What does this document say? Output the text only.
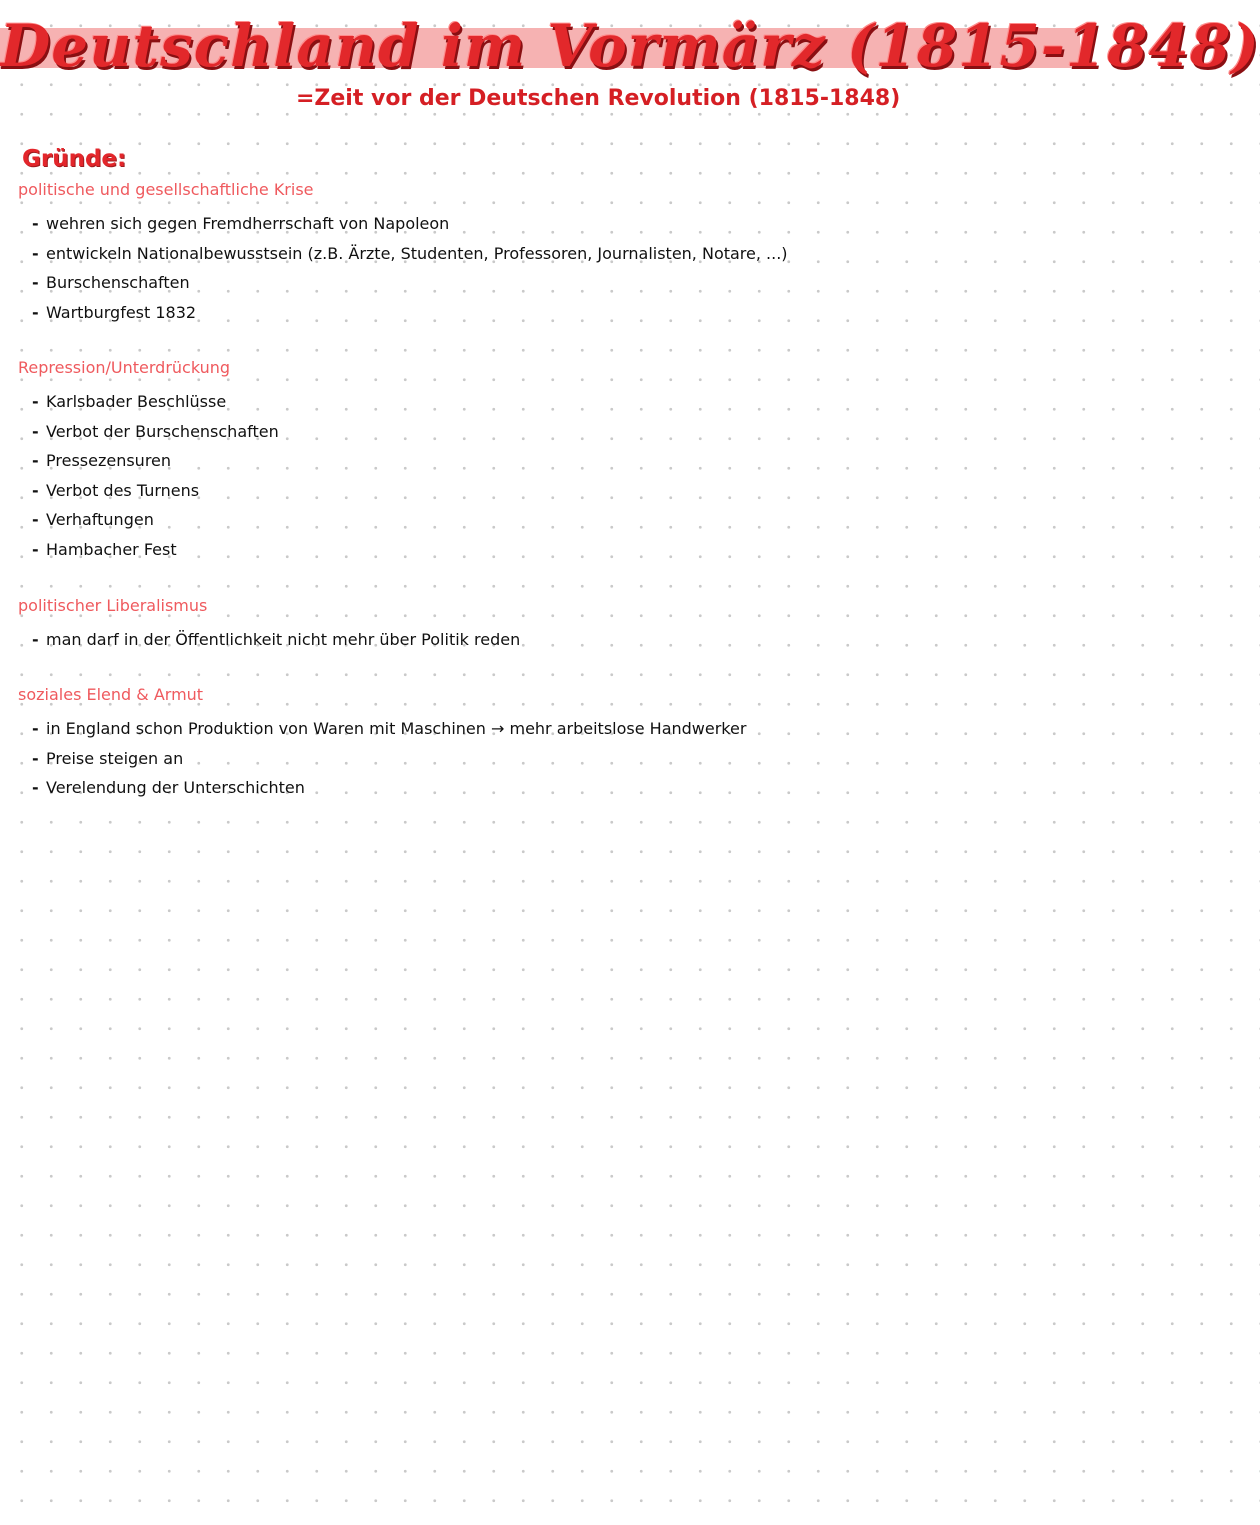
Deutschland im Vormärz (1815-1848)

=Zeit vor der Deutschen Revolution (1815-1848)

Gründe:
politische und gesellschaftliche Krise
- wehren sich gegen Fremdherrschaft von Napoleon
- entwickeln Nationalbewusstsein (z.B. Ärzte, Studenten, Professoren, Journalisten, Notare, ...)
- Burschenschaften
- Wartburgfest 1832
Repression/Unterdrückung
- Karlsbader Beschlüsse
- Verbot der Burschenschaften
- Pressezensuren
- Verbot des Turnens
- Verhaftungen
- Hambacher Fest
politischer Liberalismus
- man darf in der Öffentlichkeit nicht mehr über Politik reden
soziales Elend & Armut
- in England schon Produktion von Waren mit Maschinen → mehr arbeitslose Handwerker
- Preise steigen an
- Verelendung der Unterschichten
